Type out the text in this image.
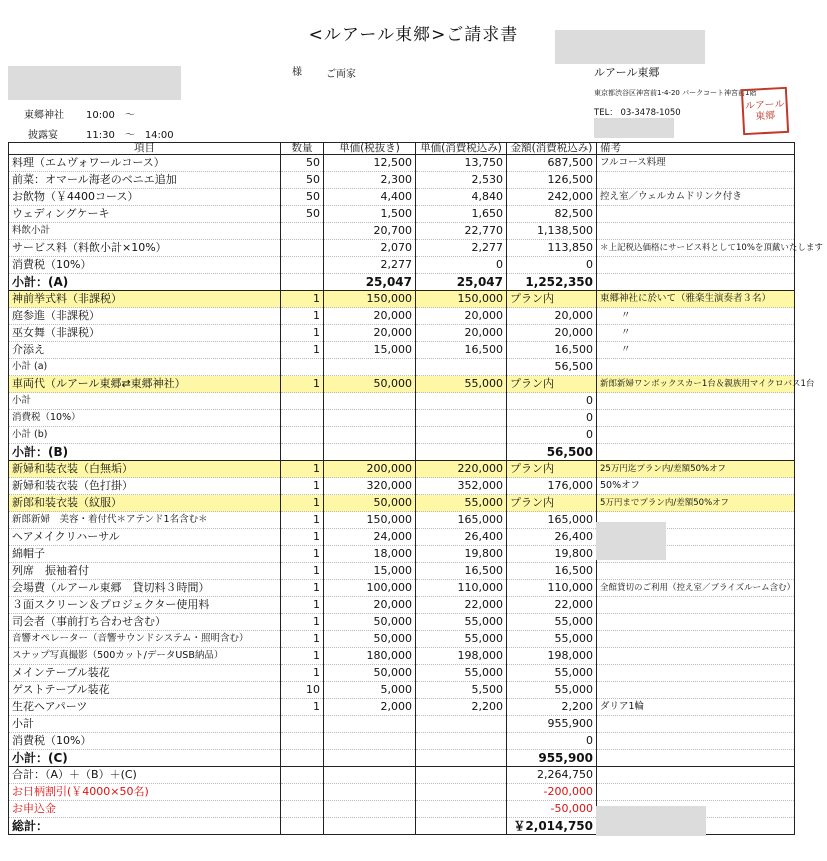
<ルアール東郷>ご請求書
様 ご両家	ルアール東郷
東京都渋谷区神宮前1-4-20 パークコート神宮前1階
TEL： 03-3478-1050
ルアール
東郷
東郷神社 10:00　～
披露宴	11:30　～　14:00
項目	数量	単価(税抜き)	単価(消費税込み)	金額(消費税込み)	備考
料理（エムヴォワールコース）	50	12,500	13,750	687,500	フルコース料理
前菜：オマール海老のベニエ追加	50	2,300	2,530	126,500	
お飲物（￥4400コース）	50	4,400	4,840	242,000	控え室／ウェルカムドリンク付き
ウェディングケーキ	50	1,500	1,650	82,500	
料飲小計		20,700	22,770	1,138,500	
サービス料（料飲小計×10%）		2,070	2,277	113,850	＊上記税込価格にサービス料として10%を頂戴いたします
消費税（10%）		2,277	0	0	
小計：(A)		25,047	25,047	1,252,350	
神前挙式料（非課税）	1	150,000	150,000	プラン内	東郷神社に於いて（雅楽生演奏者３名）
庭参進（非課税）	1	20,000	20,000	20,000	〃
巫女舞（非課税）	1	20,000	20,000	20,000	〃
介添え	1	15,000	16,500	16,500	〃
小計 (a)				56,500	
車両代（ルアール東郷⇄東郷神社）	1	50,000	55,000	プラン内	新郎新婦ワンボックスカー1台＆親族用マイクロバス1台
小計				0	
消費税（10%）				0	
小計 (b)				0	
小計：(B)				56,500	
新婦和装衣装（白無垢）	1	200,000	220,000	プラン内	25万円迄プラン内/差額50%オフ
新婦和装衣装（色打掛）	1	320,000	352,000	176,000	50%オフ
新郎和装衣装（紋服）	1	50,000	55,000	プラン内	5万円までプラン内/差額50%オフ
新郎新婦　美容・着付代＊アテンド1名含む＊	1	150,000	165,000	165,000	
ヘアメイクリハーサル	1	24,000	26,400	26,400	
綿帽子	1	18,000	19,800	19,800	
列席　振袖着付	1	15,000	16,500	16,500	
会場費（ルアール東郷　貸切料３時間）	1	100,000	110,000	110,000	全館貸切のご利用（控え室／ブライズルーム含む）
３面スクリーン＆プロジェクター使用料	1	20,000	22,000	22,000	
司会者（事前打ち合わせ含む）	1	50,000	55,000	55,000	
音響オペレーター（音響サウンドシステム・照明含む）	1	50,000	55,000	55,000	
スナップ写真撮影（500カット/データUSB納品）	1	180,000	198,000	198,000	
メインテーブル装花	1	50,000	55,000	55,000	
ゲストテーブル装花	10	5,000	5,500	55,000	
生花ヘアパーツ	1	2,000	2,200	2,200	ダリア1輪
小計				955,900	
消費税（10%）				0	
小計：(C)				955,900	
合計：（A）＋（B）＋(C)				2,264,750	
お日柄割引(￥4000×50名)				-200,000	
お申込金				-50,000	
総計：				￥2,014,750	
